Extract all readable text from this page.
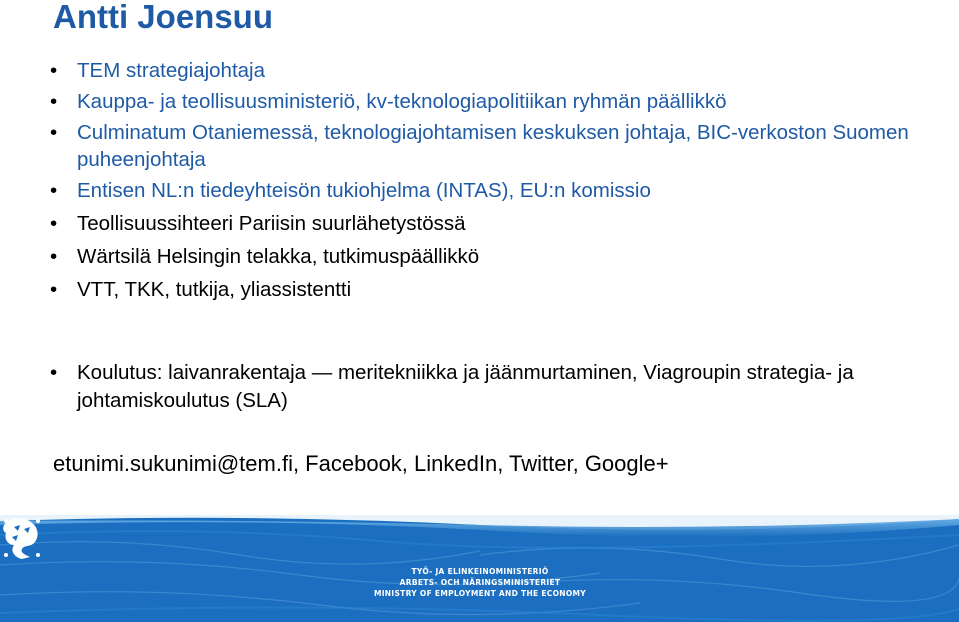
Antti Joensuu
• TEM strategiajohtaja
• Kauppa- ja teollisuusministeriö, kv-teknologiapolitiikan ryhmän päällikkö
• Culminatum Otaniemessä, teknologiajohtamisen keskuksen johtaja, BIC-verkoston Suomen puheenjohtaja
• Entisen NL:n tiedeyhteisön tukiohjelma (INTAS), EU:n komissio
• Teollisuussihteeri Pariisin suurlähetystössä
• Wärtsilä Helsingin telakka, tutkimuspäällikkö
• VTT, TKK, tutkija, yliassistentti
• Koulutus: laivanrakentaja — meritekniikka ja jäänmurtaminen, Viagroupin strategia- ja johtamiskoulutus (SLA)
etunimi.sukunimi@tem.fi, Facebook, LinkedIn, Twitter, Google+
TYÖ- JA ELINKEINOMINISTERIÖ
ARBETS- OCH NÄRINGSMINISTERIET
MINISTRY OF EMPLOYMENT AND THE ECONOMY
